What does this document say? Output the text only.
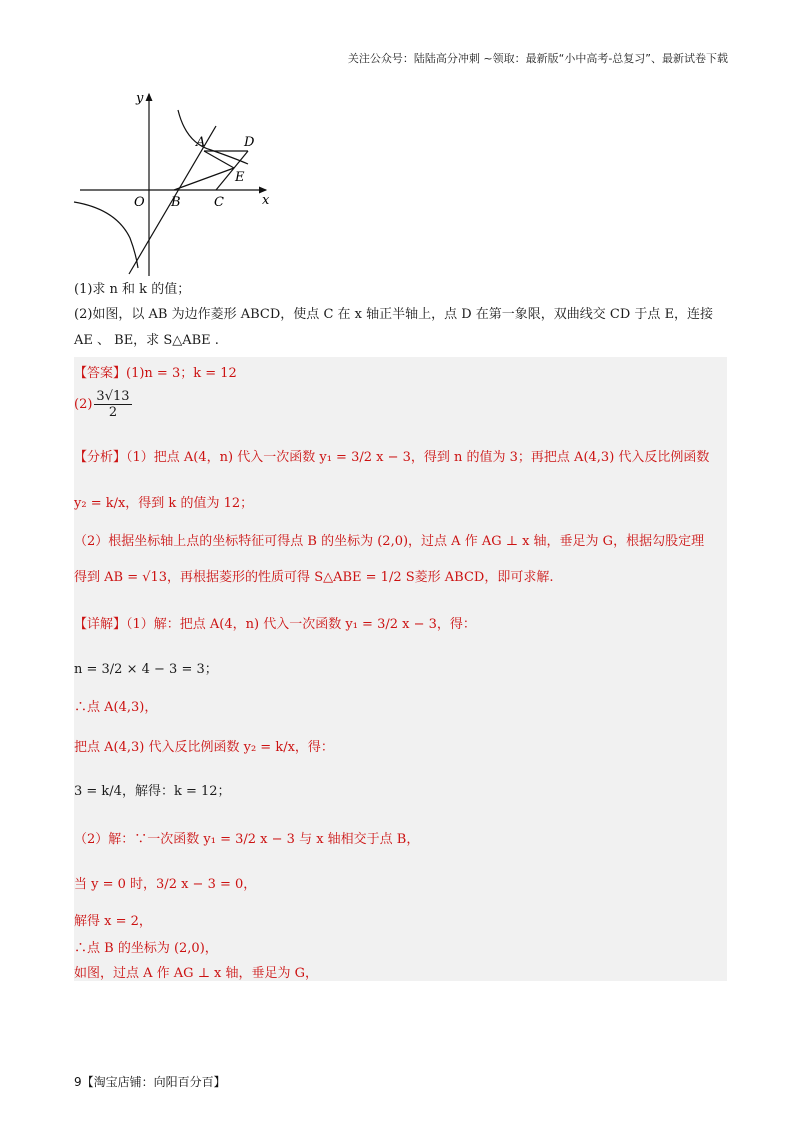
关注公众号：陆陆高分冲刺 ~领取：最新版“小中高考-总复习”、最新试卷下载
y
x
O B	C
A	D
E
(1)求 n 和 k 的值；
(2)如图，以 AB 为边作菱形 ABCD，使点 C 在 x 轴正半轴上，点 D 在第一象限，双曲线交 CD 于点 E，连接
AE 、 BE，求 S△ABE .
【答案】(1)n = 3；k = 12
$(2) \frac{3√13}{2}$
【分析】（1）把点 A(4，n) 代入一次函数 y₁ = 3/2 x − 3，得到 n 的值为 3；再把点 A(4,3) 代入反比例函数
y₂ = k/x，得到 k 的值为 12；
（2）根据坐标轴上点的坐标特征可得点 B 的坐标为 (2,0)，过点 A 作 AG ⊥ x 轴，垂足为 G，根据勾股定理
得到 AB = √13，再根据菱形的性质可得 S△ABE = 1/2 S菱形 ABCD，即可求解.
【详解】（1）解：把点 A(4，n) 代入一次函数 y₁ = 3/2 x − 3，得：
n = 3/2 × 4 − 3 = 3；
∴点 A(4,3)，
把点 A(4,3) 代入反比例函数 y₂ = k/x，得：
3 = k/4，解得：k = 12；
（2）解：∵一次函数 y₁ = 3/2 x − 3 与 x 轴相交于点 B，
当 y = 0 时，3/2 x − 3 = 0，
解得 x = 2，
∴点 B 的坐标为 (2,0)，
如图，过点 A 作 AG ⊥ x 轴，垂足为 G，
9【淘宝店铺：向阳百分百】
